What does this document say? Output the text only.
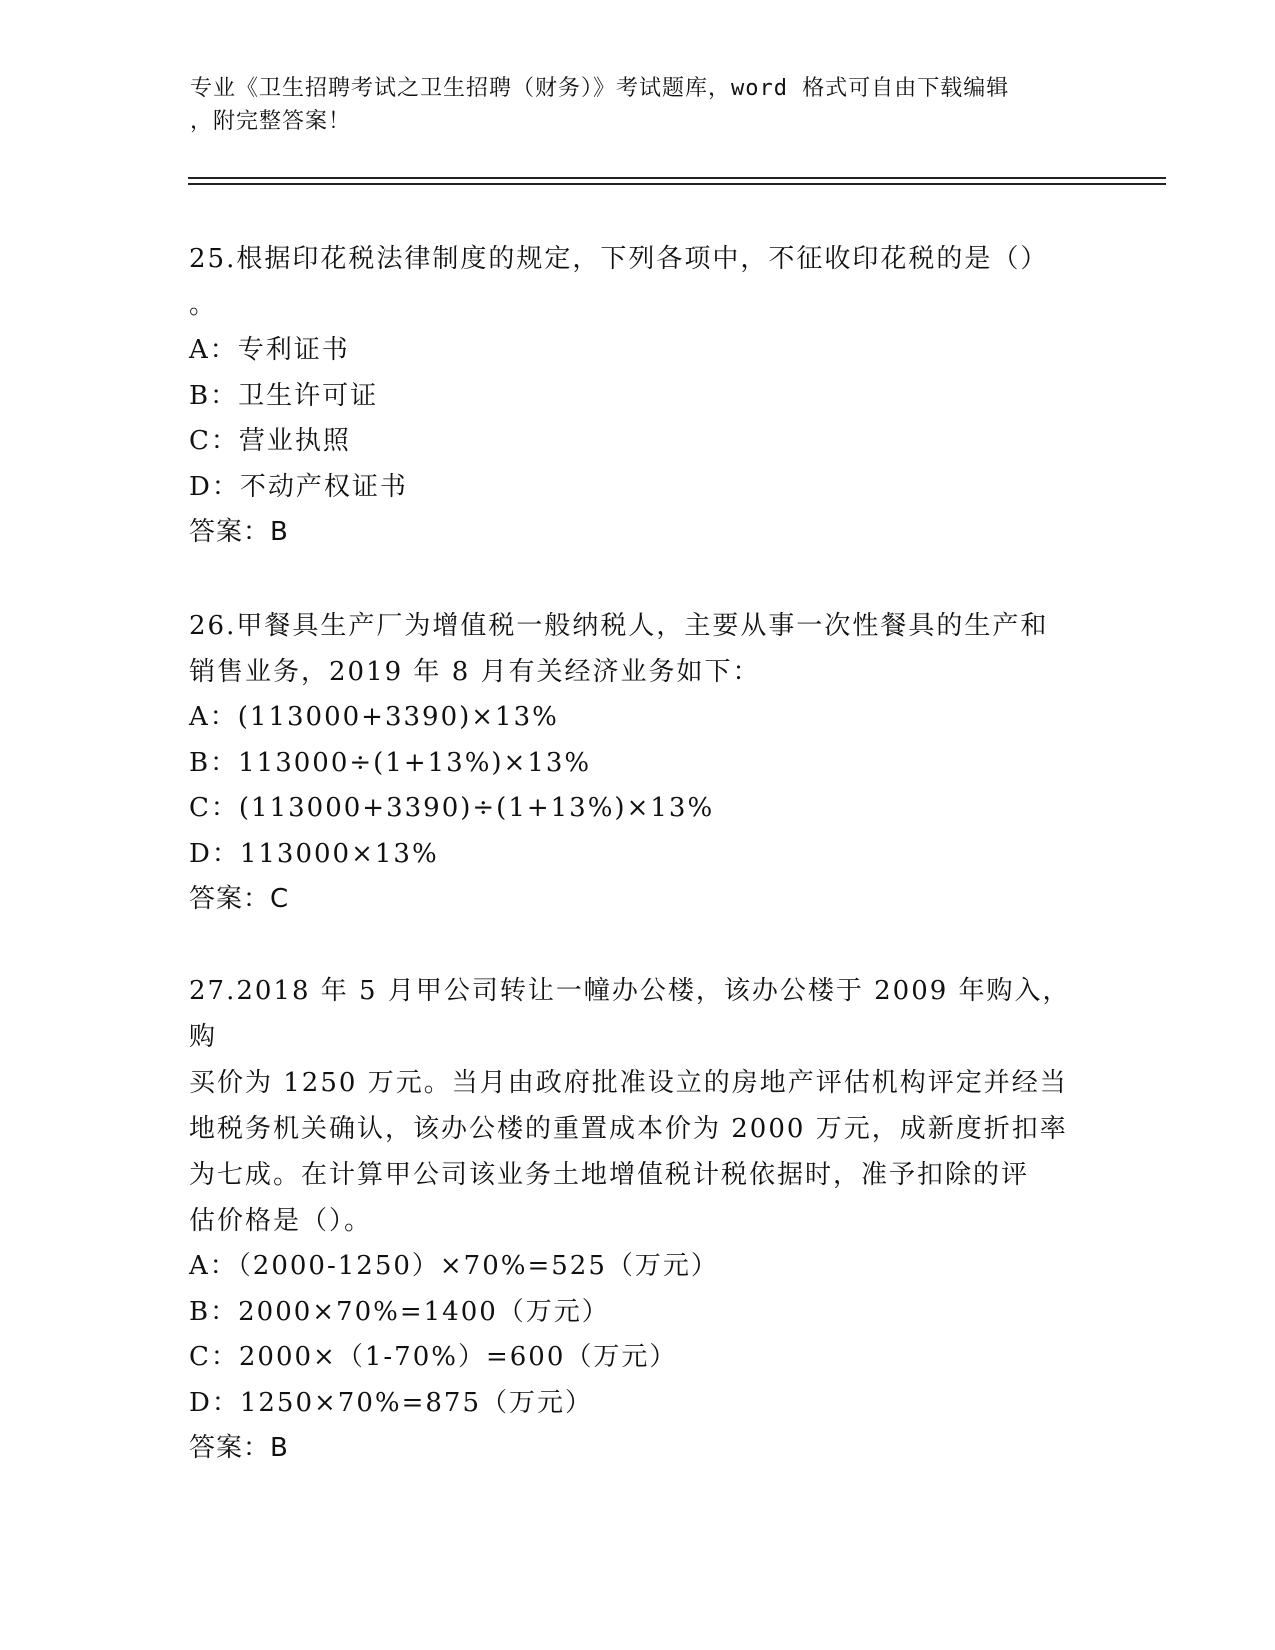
专业《卫生招聘考试之卫生招聘（财务）》考试题库，word 格式可自由下载编辑
，附完整答案！

25.根据印花税法律制度的规定，下列各项中，不征收印花税的是（）

。

A：专利证书

B：卫生许可证

C：营业执照

D：不动产权证书

答案：B

26.甲餐具生产厂为增值税一般纳税人，主要从事一次性餐具的生产和

销售业务，2019 年 8 月有关经济业务如下：

A：(113000+3390)×13%

B：113000÷(1+13%)×13%

C：(113000+3390)÷(1+13%)×13%

D：113000×13%

答案：C

27.2018 年 5 月甲公司转让一幢办公楼，该办公楼于 2009 年购入，购

买价为 1250 万元。当月由政府批准设立的房地产评估机构评定并经当

地税务机关确认，该办公楼的重置成本价为 2000 万元，成新度折扣率

为七成。在计算甲公司该业务土地增值税计税依据时，准予扣除的评

估价格是（）。

A：（2000-1250）×70%=525（万元）

B：2000×70%=1400（万元）

C：2000×（1-70%）=600（万元）

D：1250×70%=875（万元）

答案：B
